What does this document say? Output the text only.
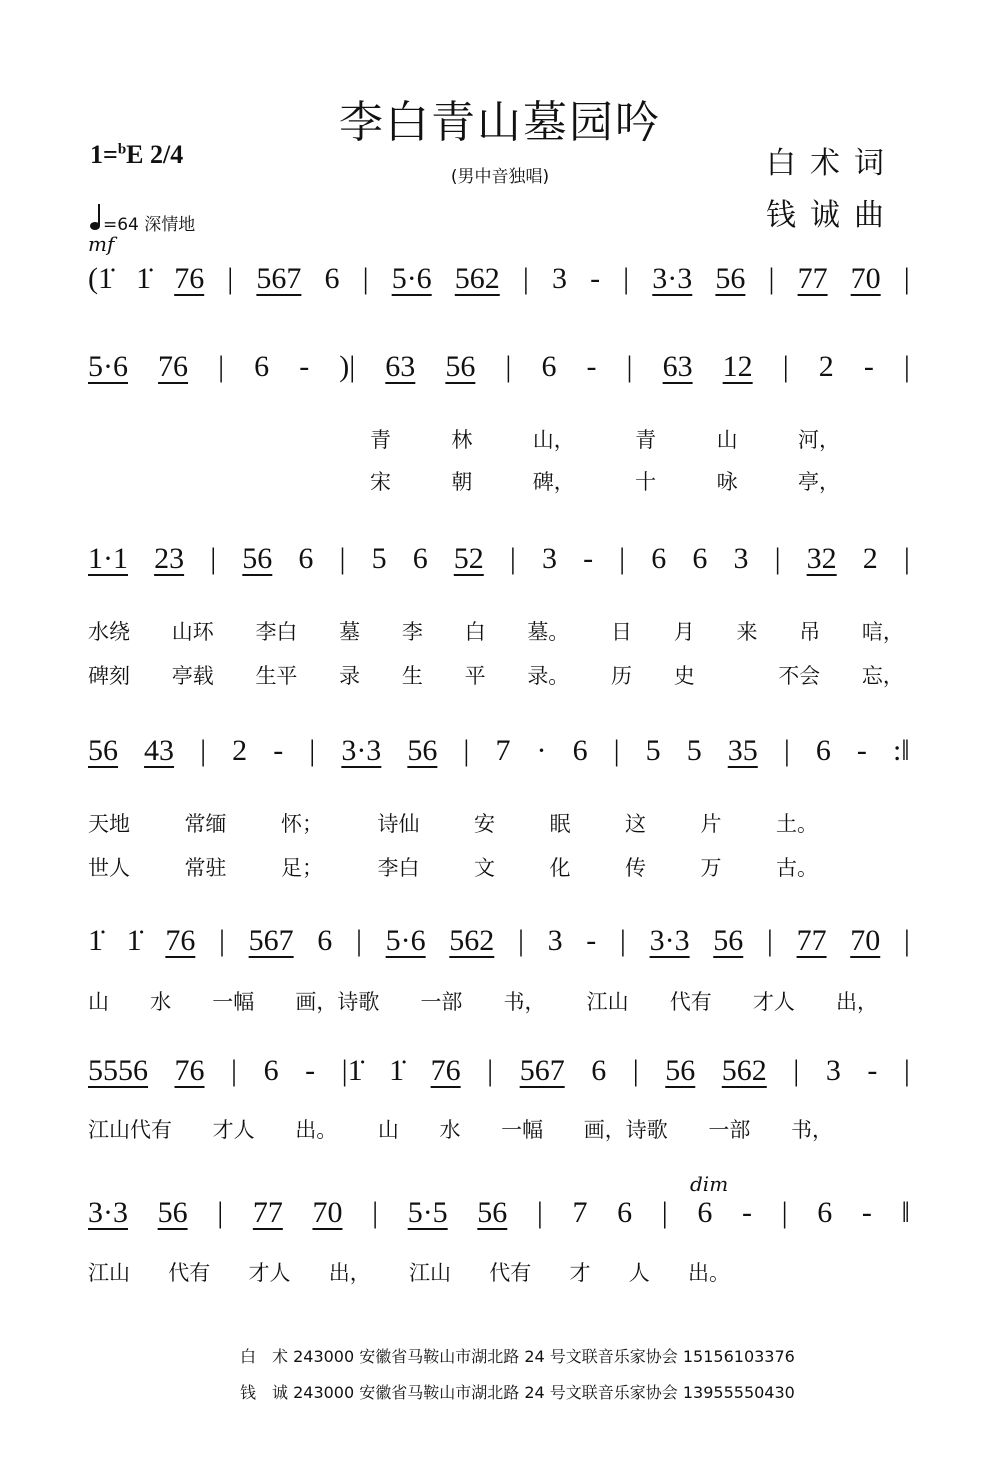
李白青山墓园吟
(男中音独唱)
1=$^b$E 2/4	白术词
钱诚曲
=64 深情地
mf
dim
(1̇ 1̇ 76 | 567 6 | 5·6 562 | 3 - | 3·3 56 | 77 70 |
5·6 76 | 6 - )| 63 56 | 6 - | 63 12 | 2 - |
青	林	山，	青	山	河，
宋	朝	碑，	十	咏	亭，
1·1 23 | 56 6 | 5 6 52 | 3 - | 6 6 3 | 32 2 |
水绕 山环 李白 墓 李 白 墓。 日 月 来 吊 唁，
碑刻 亭载 生平 录 生 平 录。 历 史	不会 忘，
56 43 | 2 - | 3·3 56 | 7 · 6 | 5 5 35 | 6 - :‖
天地	常缅	怀；	诗仙	安	眠	这	片	土。
世人	常驻	足；	李白	文	化	传	万	古。
1̇ 1̇ 76 | 567 6 | 5·6 562 | 3 - | 3·3 56 | 77 70 |
山 水 一幅 画，诗歌 一部 书， 江山 代有 才人 出，
5556 76 | 6 - |1̇ 1̇ 76 | 567 6 | 56 562 | 3 - |
江山代有 才人 出。 山 水 一幅 画，诗歌 一部 书，
3·3 56 | 77 70 | 5·5 56 | 7 6 | 6 - | 6 - ‖
江山 代有 才人 出， 江山 代有 才 人 出。
白　术 243000 安徽省马鞍山市湖北路 24 号文联音乐家协会 15156103376
钱　诚 243000 安徽省马鞍山市湖北路 24 号文联音乐家协会 13955550430
